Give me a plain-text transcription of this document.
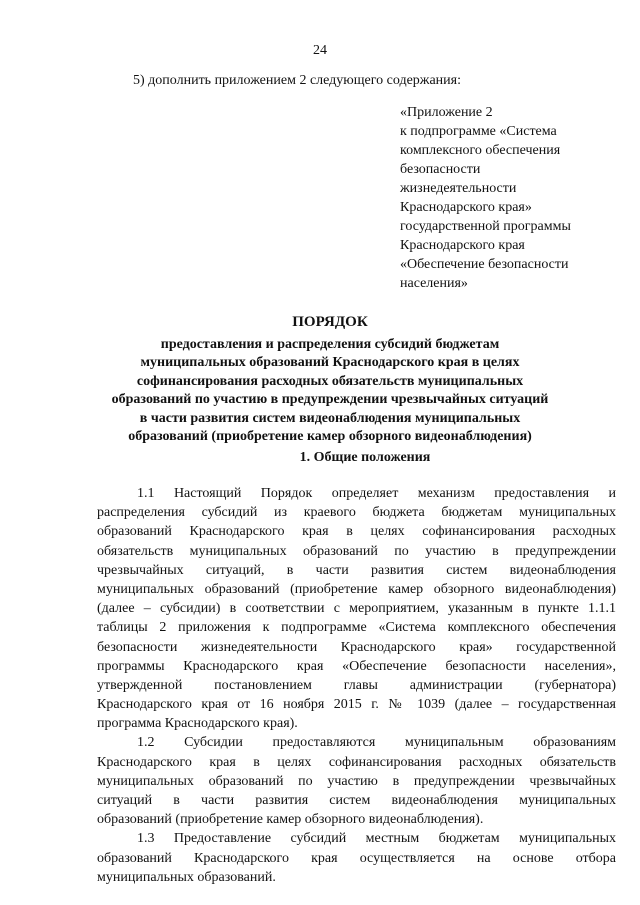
24
5) дополнить приложением 2 следующего содержания:
«Приложение 2
к подпрограмме «Система
комплексного обеспечения
безопасности
жизнедеятельности
Краснодарского края»
государственной программы
Краснодарского края
«Обеспечение безопасности
населения»
ПОРЯДОК
предоставления и распределения субсидий бюджетам
муниципальных образований Краснодарского края в целях
софинансирования расходных обязательств муниципальных
образований по участию в предупреждении чрезвычайных ситуаций
в части развития систем видеонаблюдения муниципальных
образований (приобретение камер обзорного видеонаблюдения)
1. Общие положения
1.1 Настоящий Порядок определяет механизм предоставления и
распределения субсидий из краевого бюджета бюджетам муниципальных
образований Краснодарского края в целях софинансирования расходных
обязательств муниципальных образований по участию в предупреждении
чрезвычайных ситуаций, в части развития систем видеонаблюдения
муниципальных образований (приобретение камер обзорного видеонаблюдения)
(далее – субсидии) в соответствии с мероприятием, указанным в пункте 1.1.1
таблицы 2 приложения к подпрограмме «Система комплексного обеспечения
безопасности жизнедеятельности Краснодарского края» государственной
программы Краснодарского края «Обеспечение безопасности населения»,
утвержденной постановлением главы администрации (губернатора)
Краснодарского края от 16 ноября 2015 г. № 1039 (далее – государственная
программа Краснодарского края).
1.2 Субсидии предоставляются муниципальным образованиям
Краснодарского края в целях софинансирования расходных обязательств
муниципальных образований по участию в предупреждении чрезвычайных
ситуаций в части развития систем видеонаблюдения муниципальных
образований (приобретение камер обзорного видеонаблюдения).
1.3 Предоставление субсидий местным бюджетам муниципальных
образований Краснодарского края осуществляется на основе отбора
муниципальных образований.
